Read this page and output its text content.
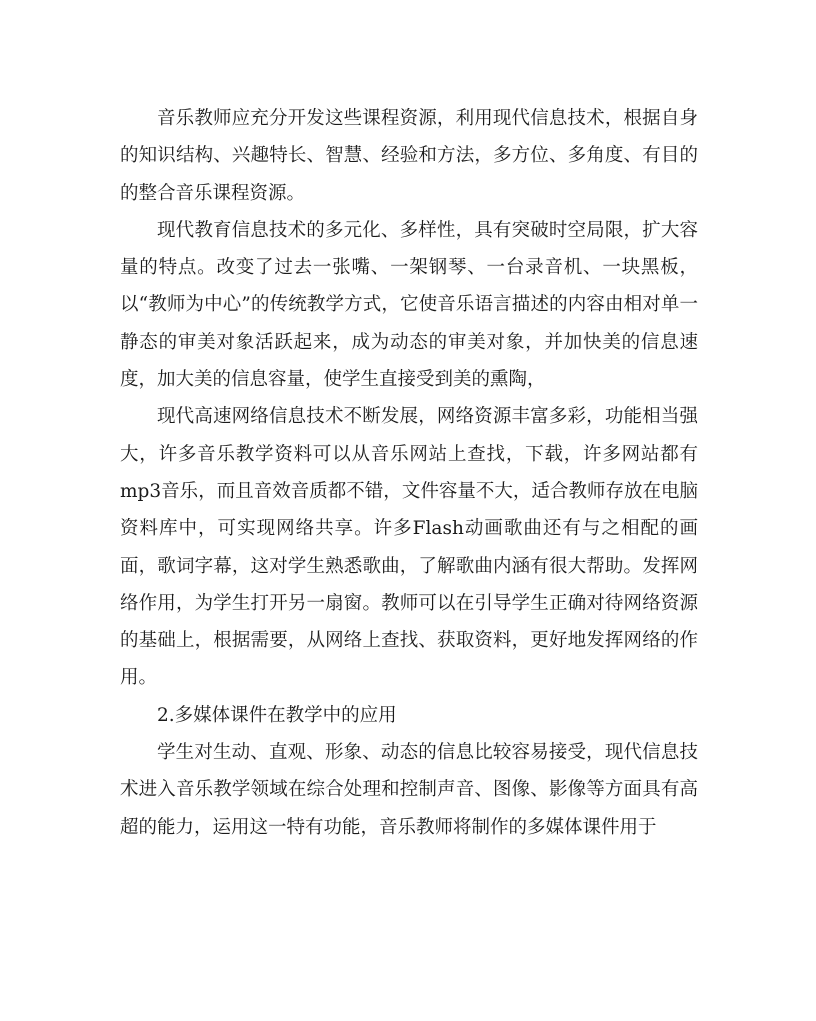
音乐教师应充分开发这些课程资源，利用现代信息技术，根据自身的知识结构、兴趣特长、智慧、经验和方法，多方位、多角度、有目的的整合音乐课程资源。

现代教育信息技术的多元化、多样性，具有突破时空局限，扩大容量的特点。改变了过去一张嘴、一架钢琴、一台录音机、一块黑板，以“教师为中心”的传统教学方式，它使音乐语言描述的内容由相对单一静态的审美对象活跃起来，成为动态的审美对象，并加快美的信息速度，加大美的信息容量，使学生直接受到美的熏陶，

现代高速网络信息技术不断发展，网络资源丰富多彩，功能相当强大，许多音乐教学资料可以从音乐网站上查找，下载，许多网站都有mp3音乐，而且音效音质都不错，文件容量不大，适合教师存放在电脑资料库中，可实现网络共享。许多Flash动画歌曲还有与之相配的画面，歌词字幕，这对学生熟悉歌曲，了解歌曲内涵有很大帮助。发挥网络作用，为学生打开另一扇窗。教师可以在引导学生正确对待网络资源的基础上，根据需要，从网络上查找、获取资料，更好地发挥网络的作用。

2.多媒体课件在教学中的应用

学生对生动、直观、形象、动态的信息比较容易接受，现代信息技术进入音乐教学领域在综合处理和控制声音、图像、影像等方面具有高超的能力，运用这一特有功能，音乐教师将制作的多媒体课件用于
